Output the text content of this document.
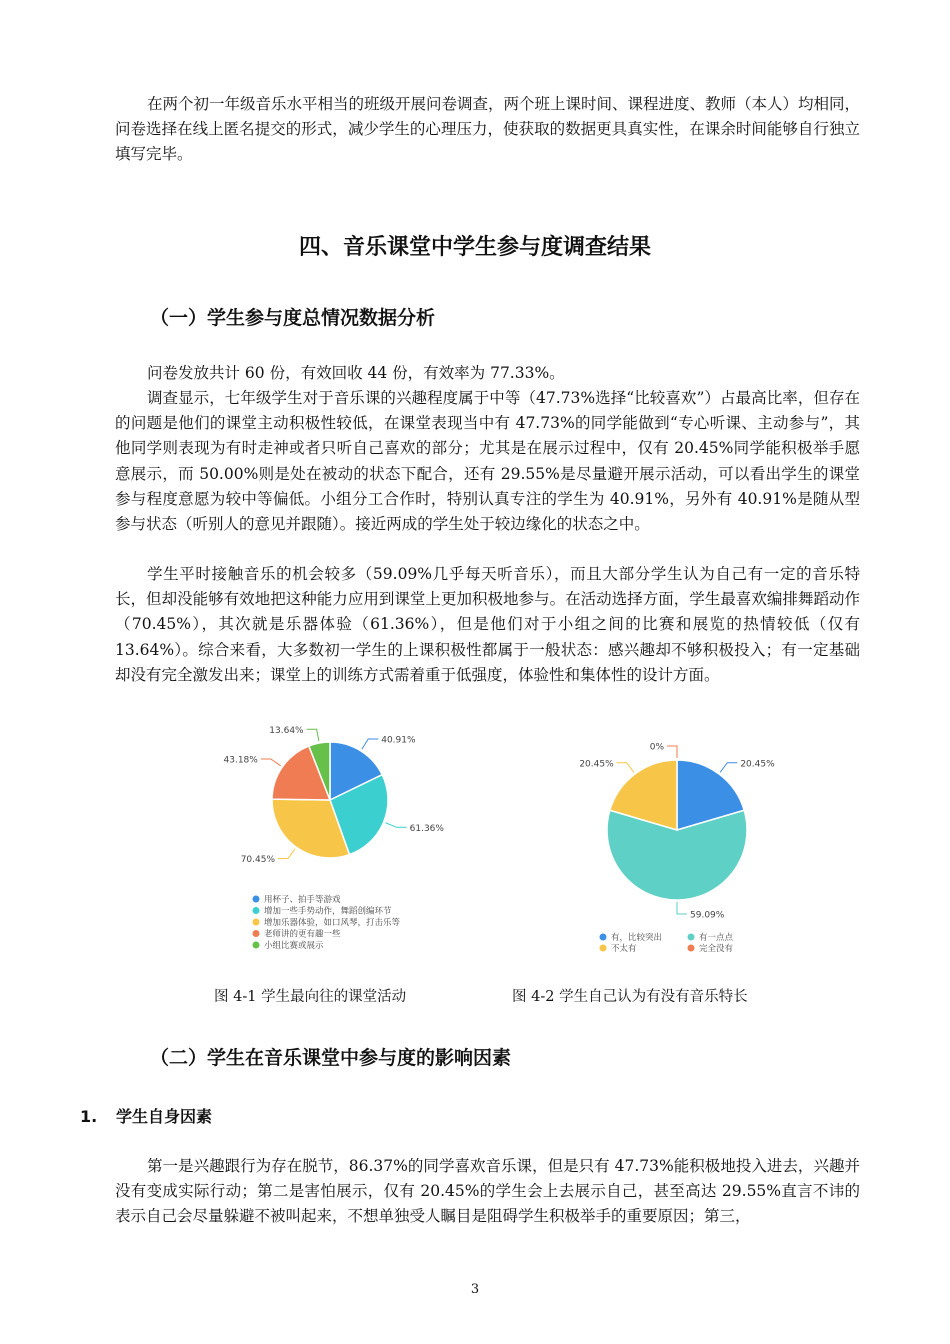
在两个初一年级音乐水平相当的班级开展问卷调查，两个班上课时间、课程进度、教师（本人）均相同，问卷选择在线上匿名提交的形式，减少学生的心理压力，使获取的数据更具真实性，在课余时间能够自行独立填写完毕。

四、音乐课堂中学生参与度调查结果
（一）学生参与度总情况数据分析

问卷发放共计 60 份，有效回收 44 份，有效率为 77.33%。

调查显示，七年级学生对于音乐课的兴趣程度属于中等（47.73%选择“比较喜欢”）占最高比率，但存在的问题是他们的课堂主动积极性较低，在课堂表现当中有 47.73%的同学能做到“专心听课、主动参与”，其他同学则表现为有时走神或者只听自己喜欢的部分；尤其是在展示过程中，仅有 20.45%同学能积极举手愿意展示，而 50.00%则是处在被动的状态下配合，还有 29.55%是尽量避开展示活动，可以看出学生的课堂参与程度意愿为较中等偏低。小组分工合作时，特别认真专注的学生为 40.91%，另外有 40.91%是随从型参与状态（听别人的意见并跟随）。接近两成的学生处于较边缘化的状态之中。

学生平时接触音乐的机会较多（59.09%几乎每天听音乐），而且大部分学生认为自己有一定的音乐特长，但却没能够有效地把这种能力应用到课堂上更加积极地参与。在活动选择方面，学生最喜欢编排舞蹈动作（70.45%），其次就是乐器体验（61.36%），但是他们对于小组之间的比赛和展览的热情较低（仅有 13.64%）。综合来看，大多数初一学生的上课积极性都属于一般状态：感兴趣却不够积极投入；有一定基础却没有完全激发出来；课堂上的训练方式需着重于低强度，体验性和集体性的设计方面。

40.91%
61.36%
70.45%
43.18%
13.64%
用杯子、拍手等游戏
增加一些手势动作，舞蹈创编环节
增加乐器体验，如口风琴，打击乐等
老师讲的更有趣一些
小组比赛或展示
20.45%
59.09%
20.45%
0%
有，比较突出	有一点点
不太有	完全没有

图 4-1 学生最向往的课堂活动	图 4-2 学生自己认为有没有音乐特长

（二）学生在音乐课堂中参与度的影响因素
1. 学生自身因素

第一是兴趣跟行为存在脱节，86.37%的同学喜欢音乐课，但是只有 47.73%能积极地投入进去，兴趣并没有变成实际行动；第二是害怕展示，仅有 20.45%的学生会上去展示自己，甚至高达 29.55%直言不讳的表示自己会尽量躲避不被叫起来，不想单独受人瞩目是阻碍学生积极举手的重要原因；第三，

3
